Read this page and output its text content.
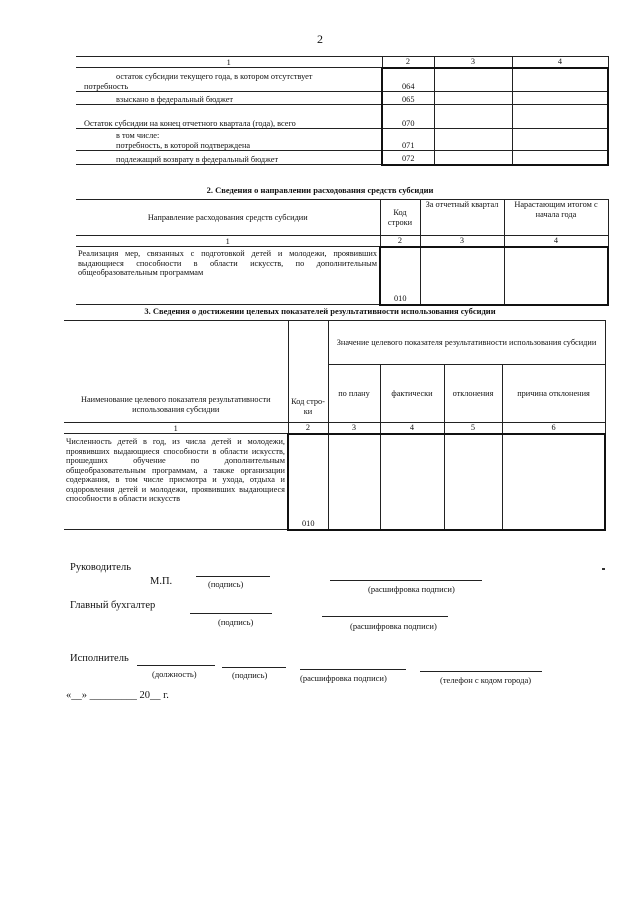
2
1	2	3	4

остаток субсидии текущего года, в котором отсутствует
потребность	064		

взыскано в федеральный бюджет	065		

Остаток субсидии на конец отчетного квартала (года), всего	070		

в том числе:
потребность, в которой подтверждена	071		

подлежащий возврату в федеральный бюджет	072		
2. Сведения о направлении расходования средств субсидии
Направление расходования средств субсидии	Код строки	За отчетный квартал	Нарастающим итогом с начала года
1	2	3	4
Реализация мер, связанных с подготовкой детей и молодежи, проявивших выдающиеся способности в области искусств, по дополнительным общеобразовательным программам	010		
3. Сведения о достижении целевых показателей результативности использования субсидии
Наименование целевого показателя результативности использования субсидии	Код стро- ки	Значение целевого показателя результативности использования субсидии			
		по плану	фактически	отклонения	причина отклонения
1	2	3	4	5	6
Численность детей в год, из числа детей и молодежи, проявивших выдающиеся способности в области искусств, прошедших обучение по дополнительным общеобразовательным программам, а также организации содержания, в том числе присмотра и ухода, отдыха и оздоровления детей и молодежи, проявивших выдающиеся способности в области искусств	010				
Руководитель
М.П.	(подпись)	(расшифровка подписи)
Главный бухгалтер
(подпись)	(расшифровка подписи)
Исполнитель
(должность)	(подпись)	(расшифровка подписи)	(телефон с кодом города)
«__» _________ 20__ г.
